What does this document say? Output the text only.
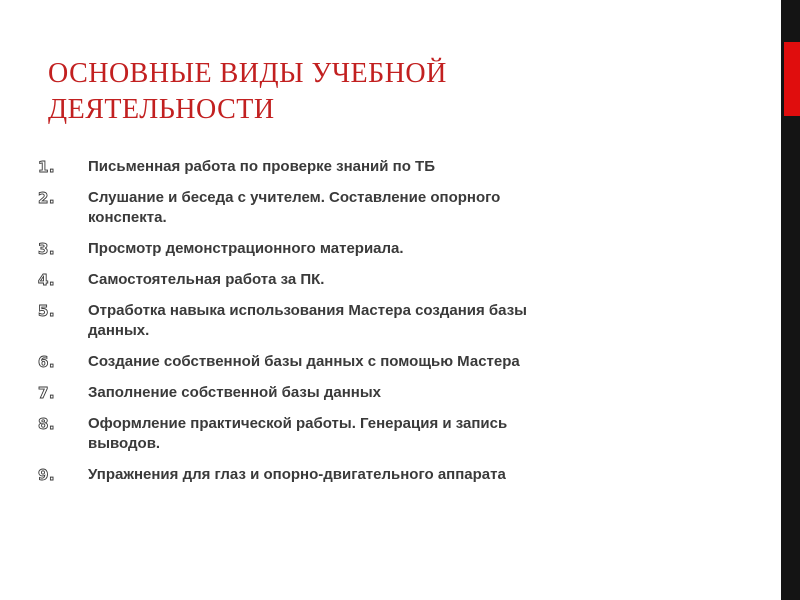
ОСНОВНЫЕ ВИДЫ УЧЕБНОЙ
ДЕЯТЕЛЬНОСТИ
1.	Письменная работа по проверке знаний по ТБ
2.	Слушание и беседа с учителем. Составление опорного
конспекта.
3.	Просмотр демонстрационного материала.
4.	Самостоятельная работа за ПК.
5.	Отработка навыка использования Мастера создания базы
данных.
6.	Создание собственной базы данных с помощью Мастера
7.	Заполнение собственной базы данных
8.	Оформление практической работы. Генерация и запись
выводов.
9.	Упражнения для глаз и опорно-двигательного аппарата
